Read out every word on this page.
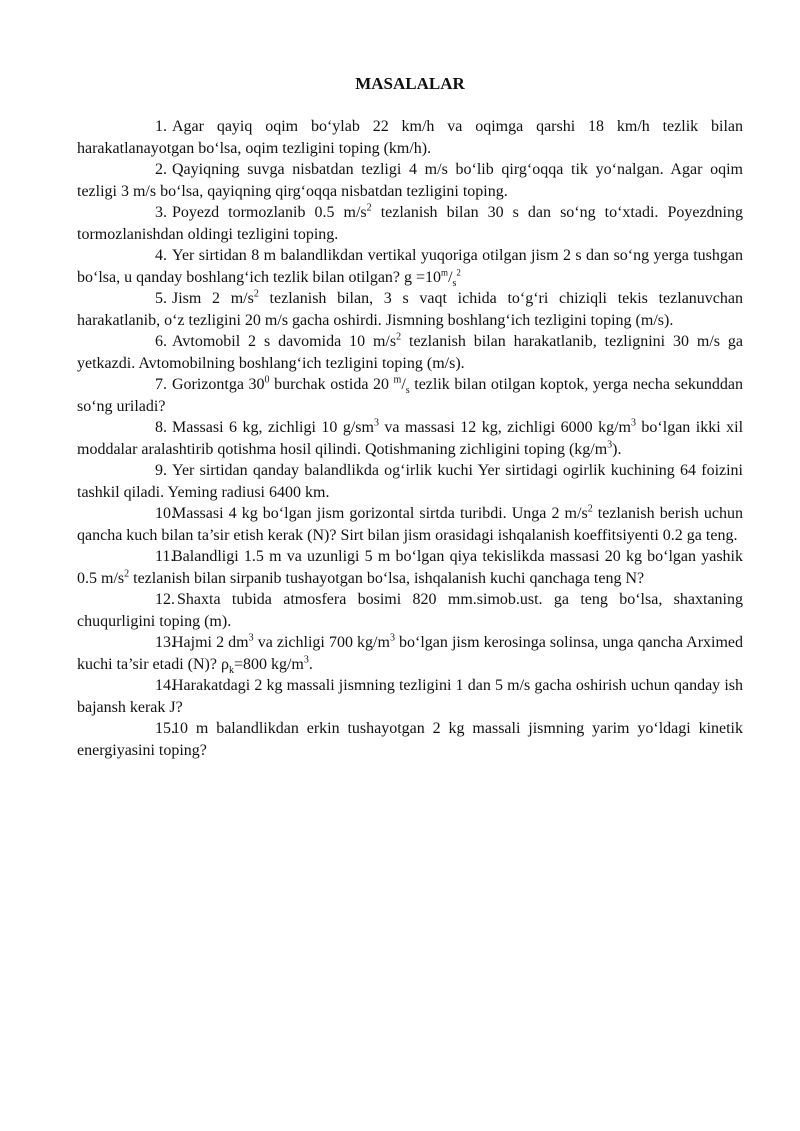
MASALALAR

1. Agar qayiq oqim bo‘ylab 22 km/h va oqimga qarshi 18 km/h tezlik bilan harakatlanayotgan bo‘lsa, oqim tezligini toping (km/h).

2. Qayiqning suvga nisbatdan tezligi 4 m/s bo‘lib qirg‘oqqa tik yo‘nalgan. Agar oqim tezligi 3 m/s bo‘lsa, qayiqning qirg‘oqqa nisbatdan tezligini toping.

3. Poyezd tormozlanib 0.5 $m/s^2$ tezlanish bilan 30 s dan so‘ng to‘xtadi. Poyezdning tormozlanishdan oldingi tezligini toping.

4. Yer sirtidan 8 m balandlikdan vertikal yuqoriga otilgan jism 2 s dan so‘ng yerga tushgan bo‘lsa, u qanday boshlang‘ich tezlik bilan otilgan? $g =10^m/_s^2$

5. Jism 2 $m/s^2$ tezlanish bilan, 3 s vaqt ichida to‘g‘ri chiziqli tekis tezlanuvchan harakatlanib, o‘z tezligini 20 m/s gacha oshirdi. Jismning boshlang‘ich tezligini toping (m/s).

6. Avtomobil 2 s davomida 10 $m/s^2$ tezlanish bilan harakatlanib, tezlignini 30 m/s ga yetkazdi. Avtomobilning boshlang‘ich tezligini toping (m/s).

7. Gorizontga $30^0$ burchak ostida 20 $^m/_s$ tezlik bilan otilgan koptok, yerga necha sekunddan so‘ng uriladi?

8. Massasi 6 kg, zichligi 10 $g/sm^3$ va massasi 12 kg, zichligi 6000 $kg/m^3$ bo‘lgan ikki xil moddalar aralashtirib qotishma hosil qilindi. Qotishmaning zichligini toping $(kg/m^3)$.

9. Yer sirtidan qanday balandlikda og‘irlik kuchi Yer sirtidagi ogirlik kuchining 64 foizini tashkil qiladi. Yeming radiusi 6400 km.

10.Massasi 4 kg bo‘lgan jism gorizontal sirtda turibdi. Unga 2 $m/s^2$ tezlanish berish uchun qancha kuch bilan ta’sir etish kerak (N)? Sirt bilan jism orasidagi ishqalanish koeffitsiyenti 0.2 ga teng.

11.Balandligi 1.5 m va uzunligi 5 m bo‘lgan qiya tekislikda massasi 20 kg bo‘lgan yashik 0.5 $m/s^2$ tezlanish bilan sirpanib tushayotgan bo‘lsa, ishqalanish kuchi qanchaga teng N?

12. Shaxta tubida atmosfera bosimi 820 mm.simob.ust. ga teng bo‘lsa, shaxtaning chuqurligini toping (m).

13.Hajmi 2 $dm^3$ va zichligi 700 $kg/m^3$ bo‘lgan jism kerosinga solinsa, unga qancha Arximed kuchi ta’sir etadi (N)? $\rho_k=800$ $kg/m^3$.

14.Harakatdagi 2 kg massali jismning tezligini 1 dan 5 m/s gacha oshirish uchun qanday ish bajansh kerak J?

15.10 m balandlikdan erkin tushayotgan 2 kg massali jismning yarim yo‘ldagi kinetik energiyasini toping?
